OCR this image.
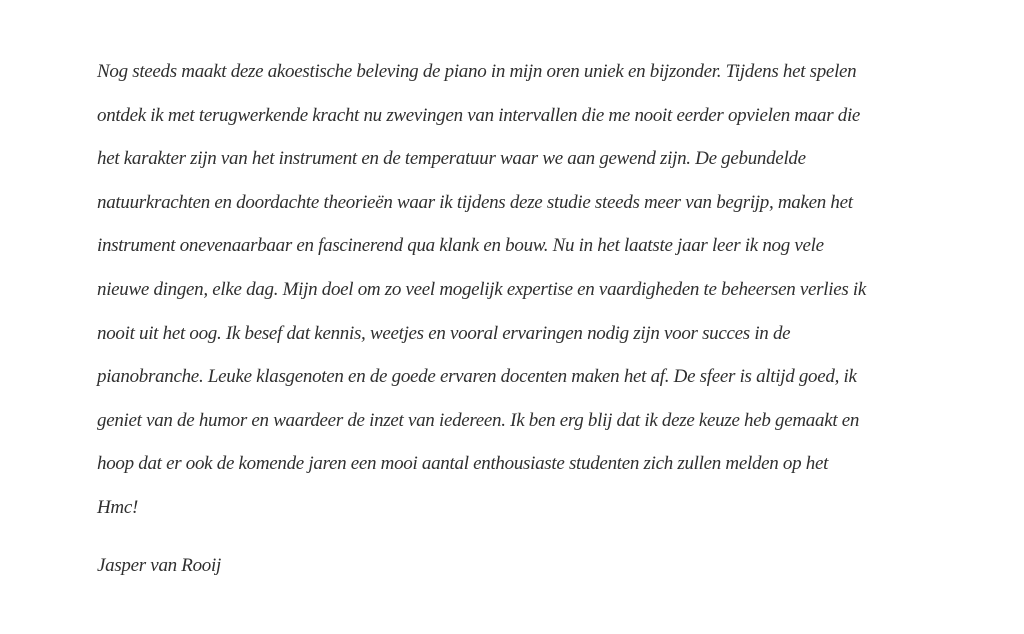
Nog steeds maakt deze akoestische beleving de piano in mijn oren uniek en bijzonder. Tijdens het spelen
ontdek ik met terugwerkende kracht nu zwevingen van intervallen die me nooit eerder opvielen maar die
het karakter zijn van het instrument en de temperatuur waar we aan gewend zijn. De gebundelde
natuurkrachten en doordachte theorieën waar ik tijdens deze studie steeds meer van begrijp, maken het
instrument onevenaarbaar en fascinerend qua klank en bouw. Nu in het laatste jaar leer ik nog vele
nieuwe dingen, elke dag. Mijn doel om zo veel mogelijk expertise en vaardigheden te beheersen verlies ik
nooit uit het oog. Ik besef dat kennis, weetjes en vooral ervaringen nodig zijn voor succes in de
pianobranche. Leuke klasgenoten en de goede ervaren docenten maken het af. De sfeer is altijd goed, ik
geniet van de humor en waardeer de inzet van iedereen. Ik ben erg blij dat ik deze keuze heb gemaakt en
hoop dat er ook de komende jaren een mooi aantal enthousiaste studenten zich zullen melden op het
Hmc!
Jasper van Rooij
